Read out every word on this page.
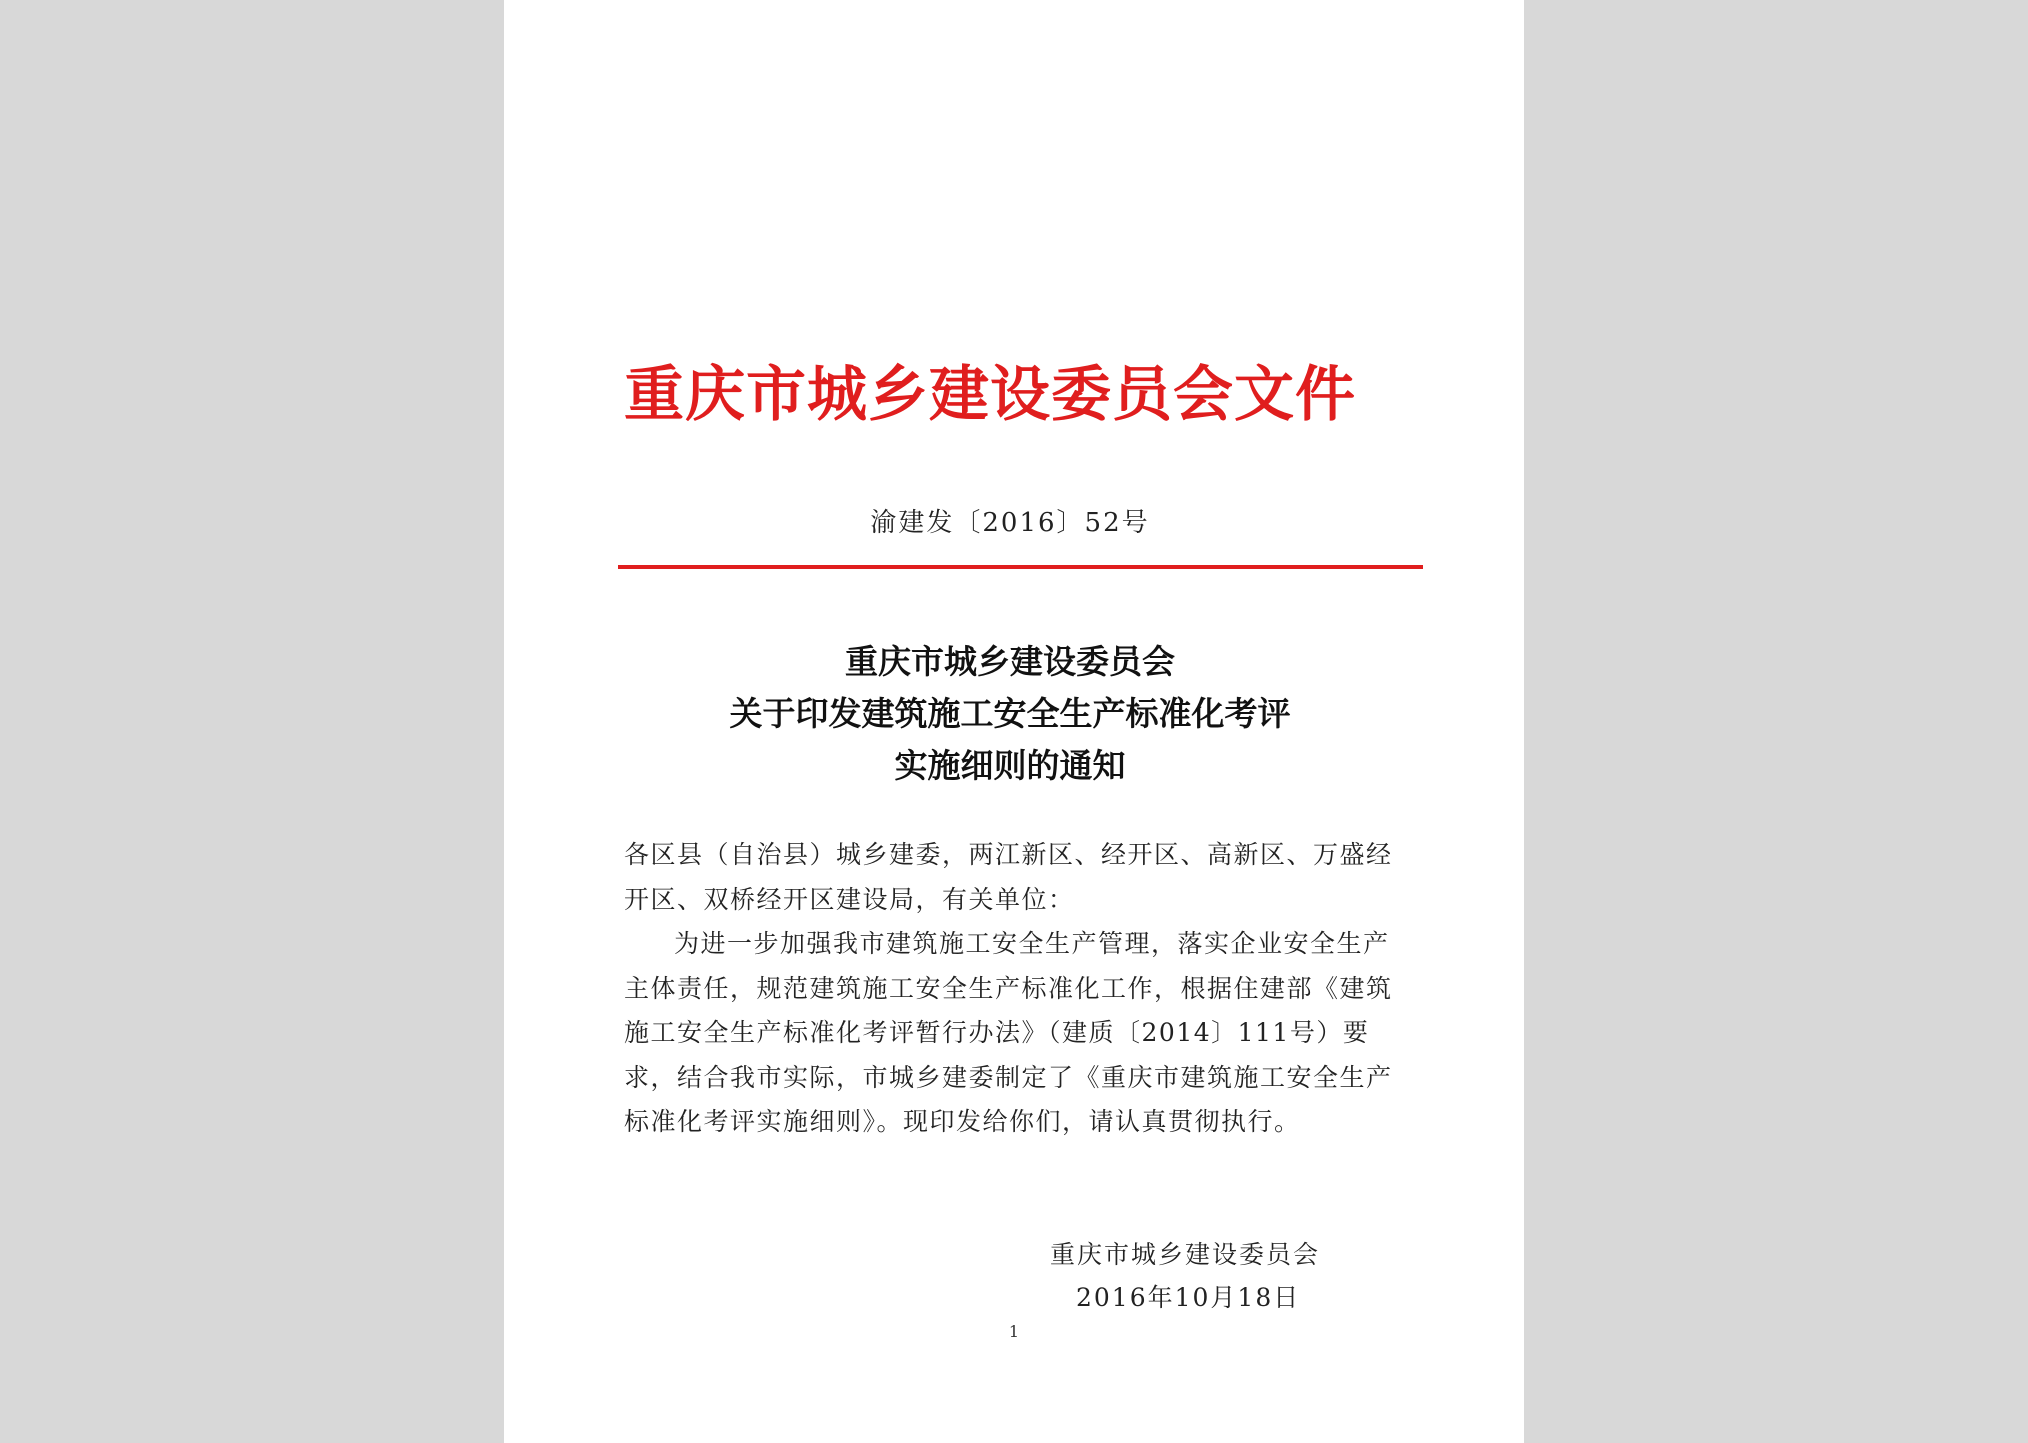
重庆市城乡建设委员会文件
渝建发〔2016〕52号
重庆市城乡建设委员会
关于印发建筑施工安全生产标准化考评
实施细则的通知

各区县（自治县）城乡建委，两江新区、经开区、高新区、万盛经开区、双桥经开区建设局，有关单位：

为进一步加强我市建筑施工安全生产管理，落实企业安全生产主体责任，规范建筑施工安全生产标准化工作，根据住建部《建筑施工安全生产标准化考评暂行办法》（建质〔2014〕111号）要求，结合我市实际，市城乡建委制定了《重庆市建筑施工安全生产标准化考评实施细则》。现印发给你们，请认真贯彻执行。

重庆市城乡建设委员会
2016年10月18日
1
